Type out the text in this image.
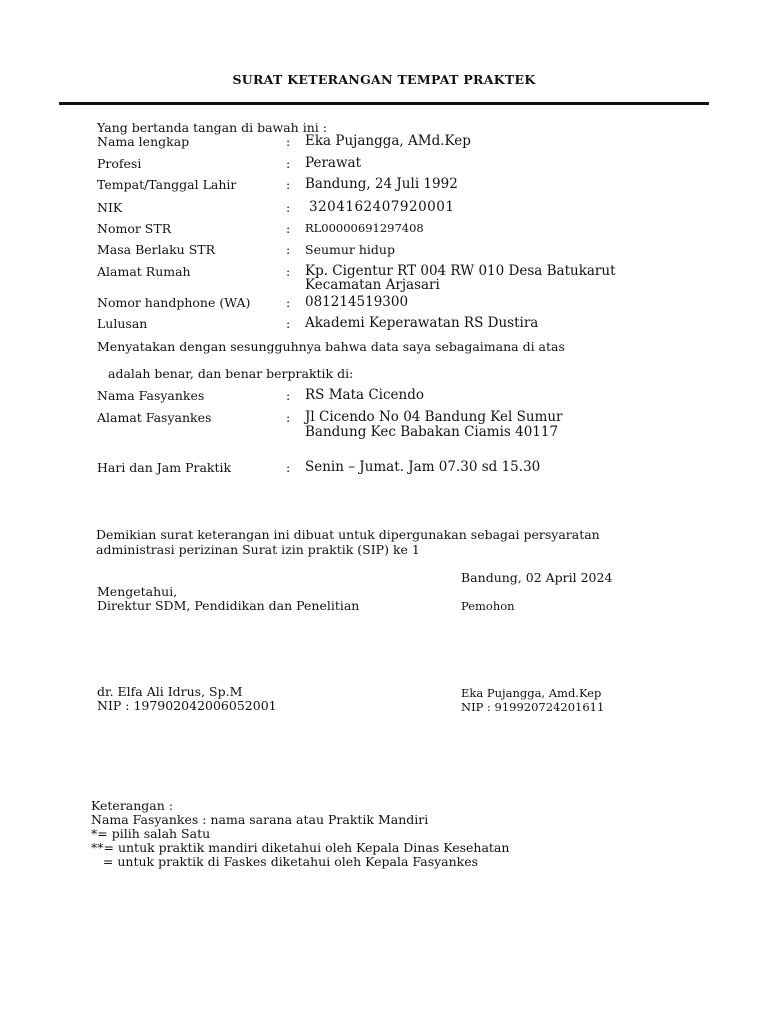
SURAT KETERANGAN TEMPAT PRAKTEK
Yang bertanda tangan di bawah ini :
Nama lengkap	: Eka Pujangga, AMd.Kep
Profesi	: Perawat
Tempat/Tanggal Lahir	: Bandung, 24 Juli 1992
NIK	: 3204162407920001
Nomor STR	: RL00000691297408
Masa Berlaku STR	: Seumur hidup
Alamat Rumah	: Kp. Cigentur RT 004 RW 010 Desa Batukarut
Kecamatan Arjasari
Nomor handphone (WA)	: 081214519300
Lulusan	: Akademi Keperawatan RS Dustira
Menyatakan dengan sesungguhnya bahwa data saya sebagaimana di atas
adalah benar, dan benar berpraktik di:
Nama Fasyankes	: RS Mata Cicendo
Alamat Fasyankes	: Jl Cicendo No 04 Bandung Kel Sumur
Bandung Kec Babakan Ciamis 40117
Hari dan Jam Praktik	: Senin – Jumat. Jam 07.30 sd 15.30
Demikian surat keterangan ini dibuat untuk dipergunakan sebagai persyaratan
administrasi perizinan Surat izin praktik (SIP) ke 1
Bandung, 02 April 2024
Mengetahui,
Direktur SDM, Pendidikan dan Penelitian	Pemohon
dr. Elfa Ali Idrus, Sp.M
NIP : 197902042006052001
Eka Pujangga, Amd.Kep
NIP : 919920724201611
Keterangan :
Nama Fasyankes : nama sarana atau Praktik Mandiri
*= pilih salah Satu
**= untuk praktik mandiri diketahui oleh Kepala Dinas Kesehatan
= untuk praktik di Faskes diketahui oleh Kepala Fasyankes
